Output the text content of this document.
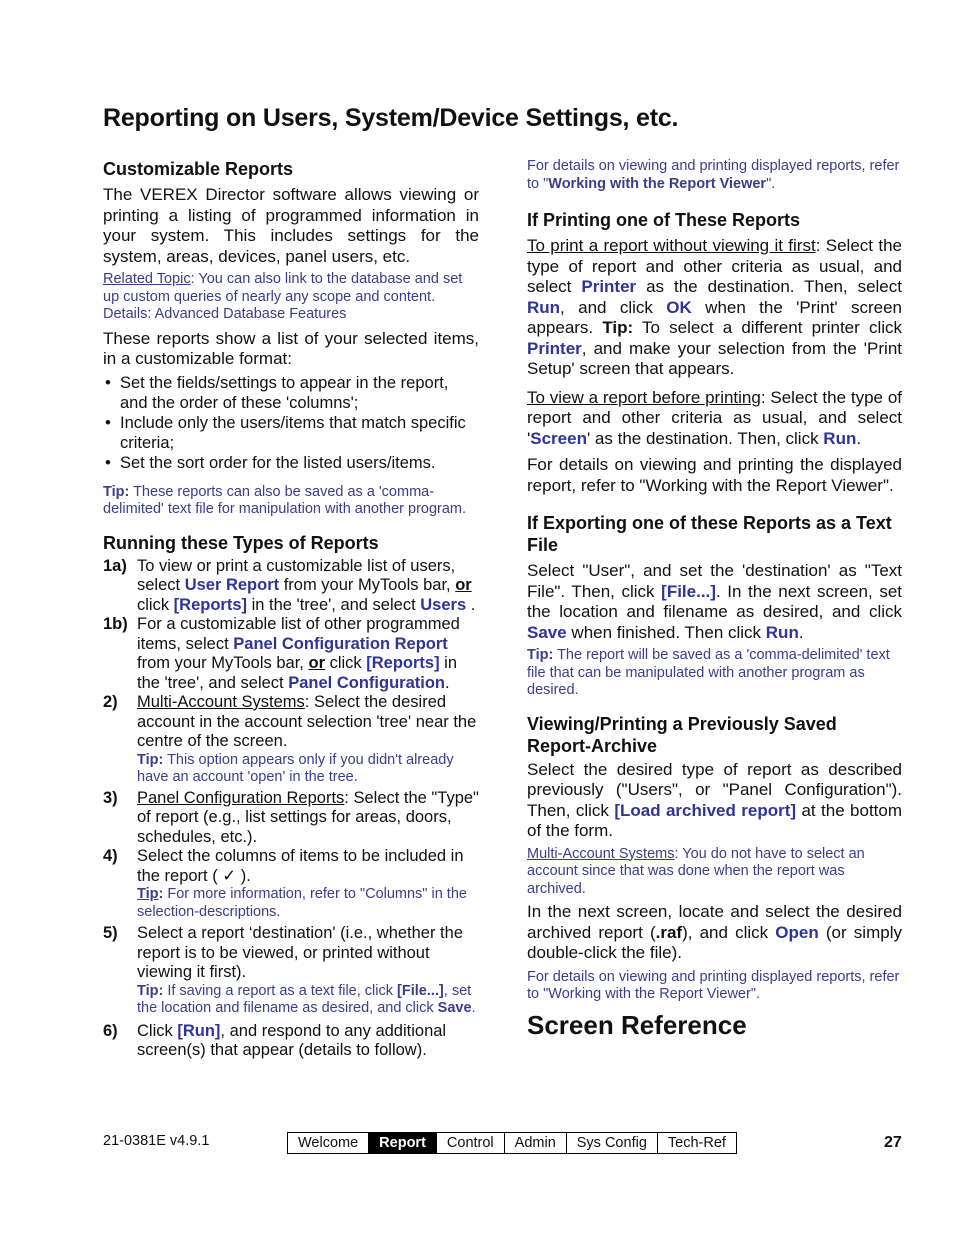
Reporting on Users, System/Device Settings, etc.
Customizable Reports

The VEREX Director software allows viewing or printing a listing of programmed information in your system. This includes settings for the system, areas, devices, panel users, etc.

Related Topic: You can also link to the database and set up custom queries of nearly any scope and content. Details: Advanced Database Features

These reports show a list of your selected items, in a customizable format:

• Set the fields/settings to appear in the report, and the order of these 'columns';
• Include only the users/items that match specific criteria;
• Set the sort order for the listed users/items.

Tip: These reports can also be saved as a 'comma-delimited' text file for manipulation with another program.

Running these Types of Reports
1a) To view or print a customizable list of users, select User Report from your MyTools bar, or click [Reports] in the 'tree', and select Users .
1b) For a customizable list of other programmed items, select Panel Configuration Report from your MyTools bar, or click [Reports] in the 'tree', and select Panel Configuration.
2)	Multi-Account Systems: Select the desired account in the account selection 'tree' near the centre of the screen.
Tip: This option appears only if you didn't already have an account 'open' in the tree.
3)	Panel Configuration Reports: Select the "Type" of report (e.g., list settings for areas, doors, schedules, etc.).
4)	Select the columns of items to be included in the report ( ✓ ).
Tip: For more information, refer to "Columns" in the selection-descriptions.
5)	Select a report ‘destination' (i.e., whether the report is to be viewed, or printed without viewing it first).
Tip: If saving a report as a text file, click [File...], set the location and filename as desired, and click Save.
6)	Click [Run], and respond to any additional screen(s) that appear (details to follow).

For details on viewing and printing displayed reports, refer to "Working with the Report Viewer".

If Printing one of These Reports

To print a report without viewing it first: Select the type of report and other criteria as usual, and select Printer as the destination. Then, select Run, and click OK when the 'Print' screen appears. Tip: To select a different printer click Printer, and make your selection from the 'Print Setup' screen that appears.

To view a report before printing: Select the type of report and other criteria as usual, and select 'Screen' as the destination. Then, click Run.

For details on viewing and printing the displayed report, refer to "Working with the Report Viewer".

If Exporting one of these Reports as a Text File

Select "User", and set the 'destination' as "Text File". Then, click [File...]. In the next screen, set the location and filename as desired, and click Save when finished. Then click Run.

Tip: The report will be saved as a 'comma-delimited' text file that can be manipulated with another program as desired.

Viewing/Printing a Previously Saved Report-Archive

Select the desired type of report as described previously ("Users", or "Panel Configuration"). Then, click [Load archived report] at the bottom of the form.

Multi-Account Systems: You do not have to select an account since that was done when the report was archived.

In the next screen, locate and select the desired archived report (.raf), and click Open (or simply double-click the file).

For details on viewing and printing displayed reports, refer to "Working with the Report Viewer".

Screen Reference
21-0381E v4.9.1	Welcome	Report	Control	Admin	Sys Config	Tech-Ref	27
